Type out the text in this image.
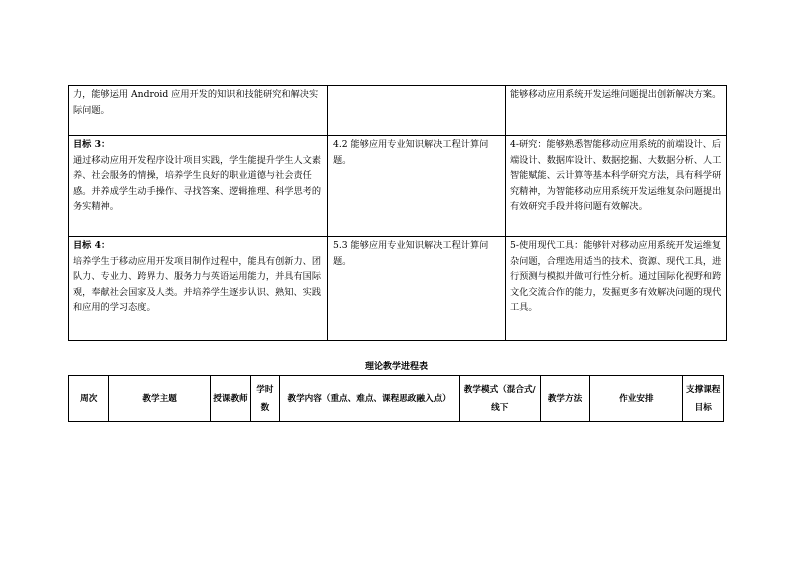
力，能够运用 Android 应用开发的知识和技能研究和解决实际问题。		能够移动应用系统开发运维问题提出创新解决方案。

目标 3：
通过移动应用开发程序设计项目实践，学生能提升学生人文素养、社会服务的情操，培养学生良好的职业道德与社会责任感。并养成学生动手操作、寻找答案、逻辑推理、科学思考的务实精神。	4.2 能够应用专业知识解决工程计算问题。	4-研究：能够熟悉智能移动应用系统的前端设计、后端设计、数据库设计、数据挖掘、大数据分析、人工智能赋能、云计算等基本科学研究方法，具有科学研究精神，为智能移动应用系统开发运维复杂问题提出有效研究手段并将问题有效解决。

目标 4：
培养学生于移动应用开发项目制作过程中，能具有创新力、团队力、专业力、跨界力、服务力与英语运用能力，并具有国际观，奉献社会国家及人类。并培养学生逐步认识、熟知、实践和应用的学习态度。	5.3 能够应用专业知识解决工程计算问题。	5-使用现代工具：能够针对移动应用系统开发运维复杂问题，合理选用适当的技术、资源、现代工具，进行预测与模拟并做可行性分析。通过国际化视野和跨文化交流合作的能力，发掘更多有效解决问题的现代工具。
理论教学进程表
周次	教学主题	授课教师	学时数	教学内容（重点、难点、课程思政融入点）	教学模式（混合式/线下	教学方法	作业安排	支撑课程目标
